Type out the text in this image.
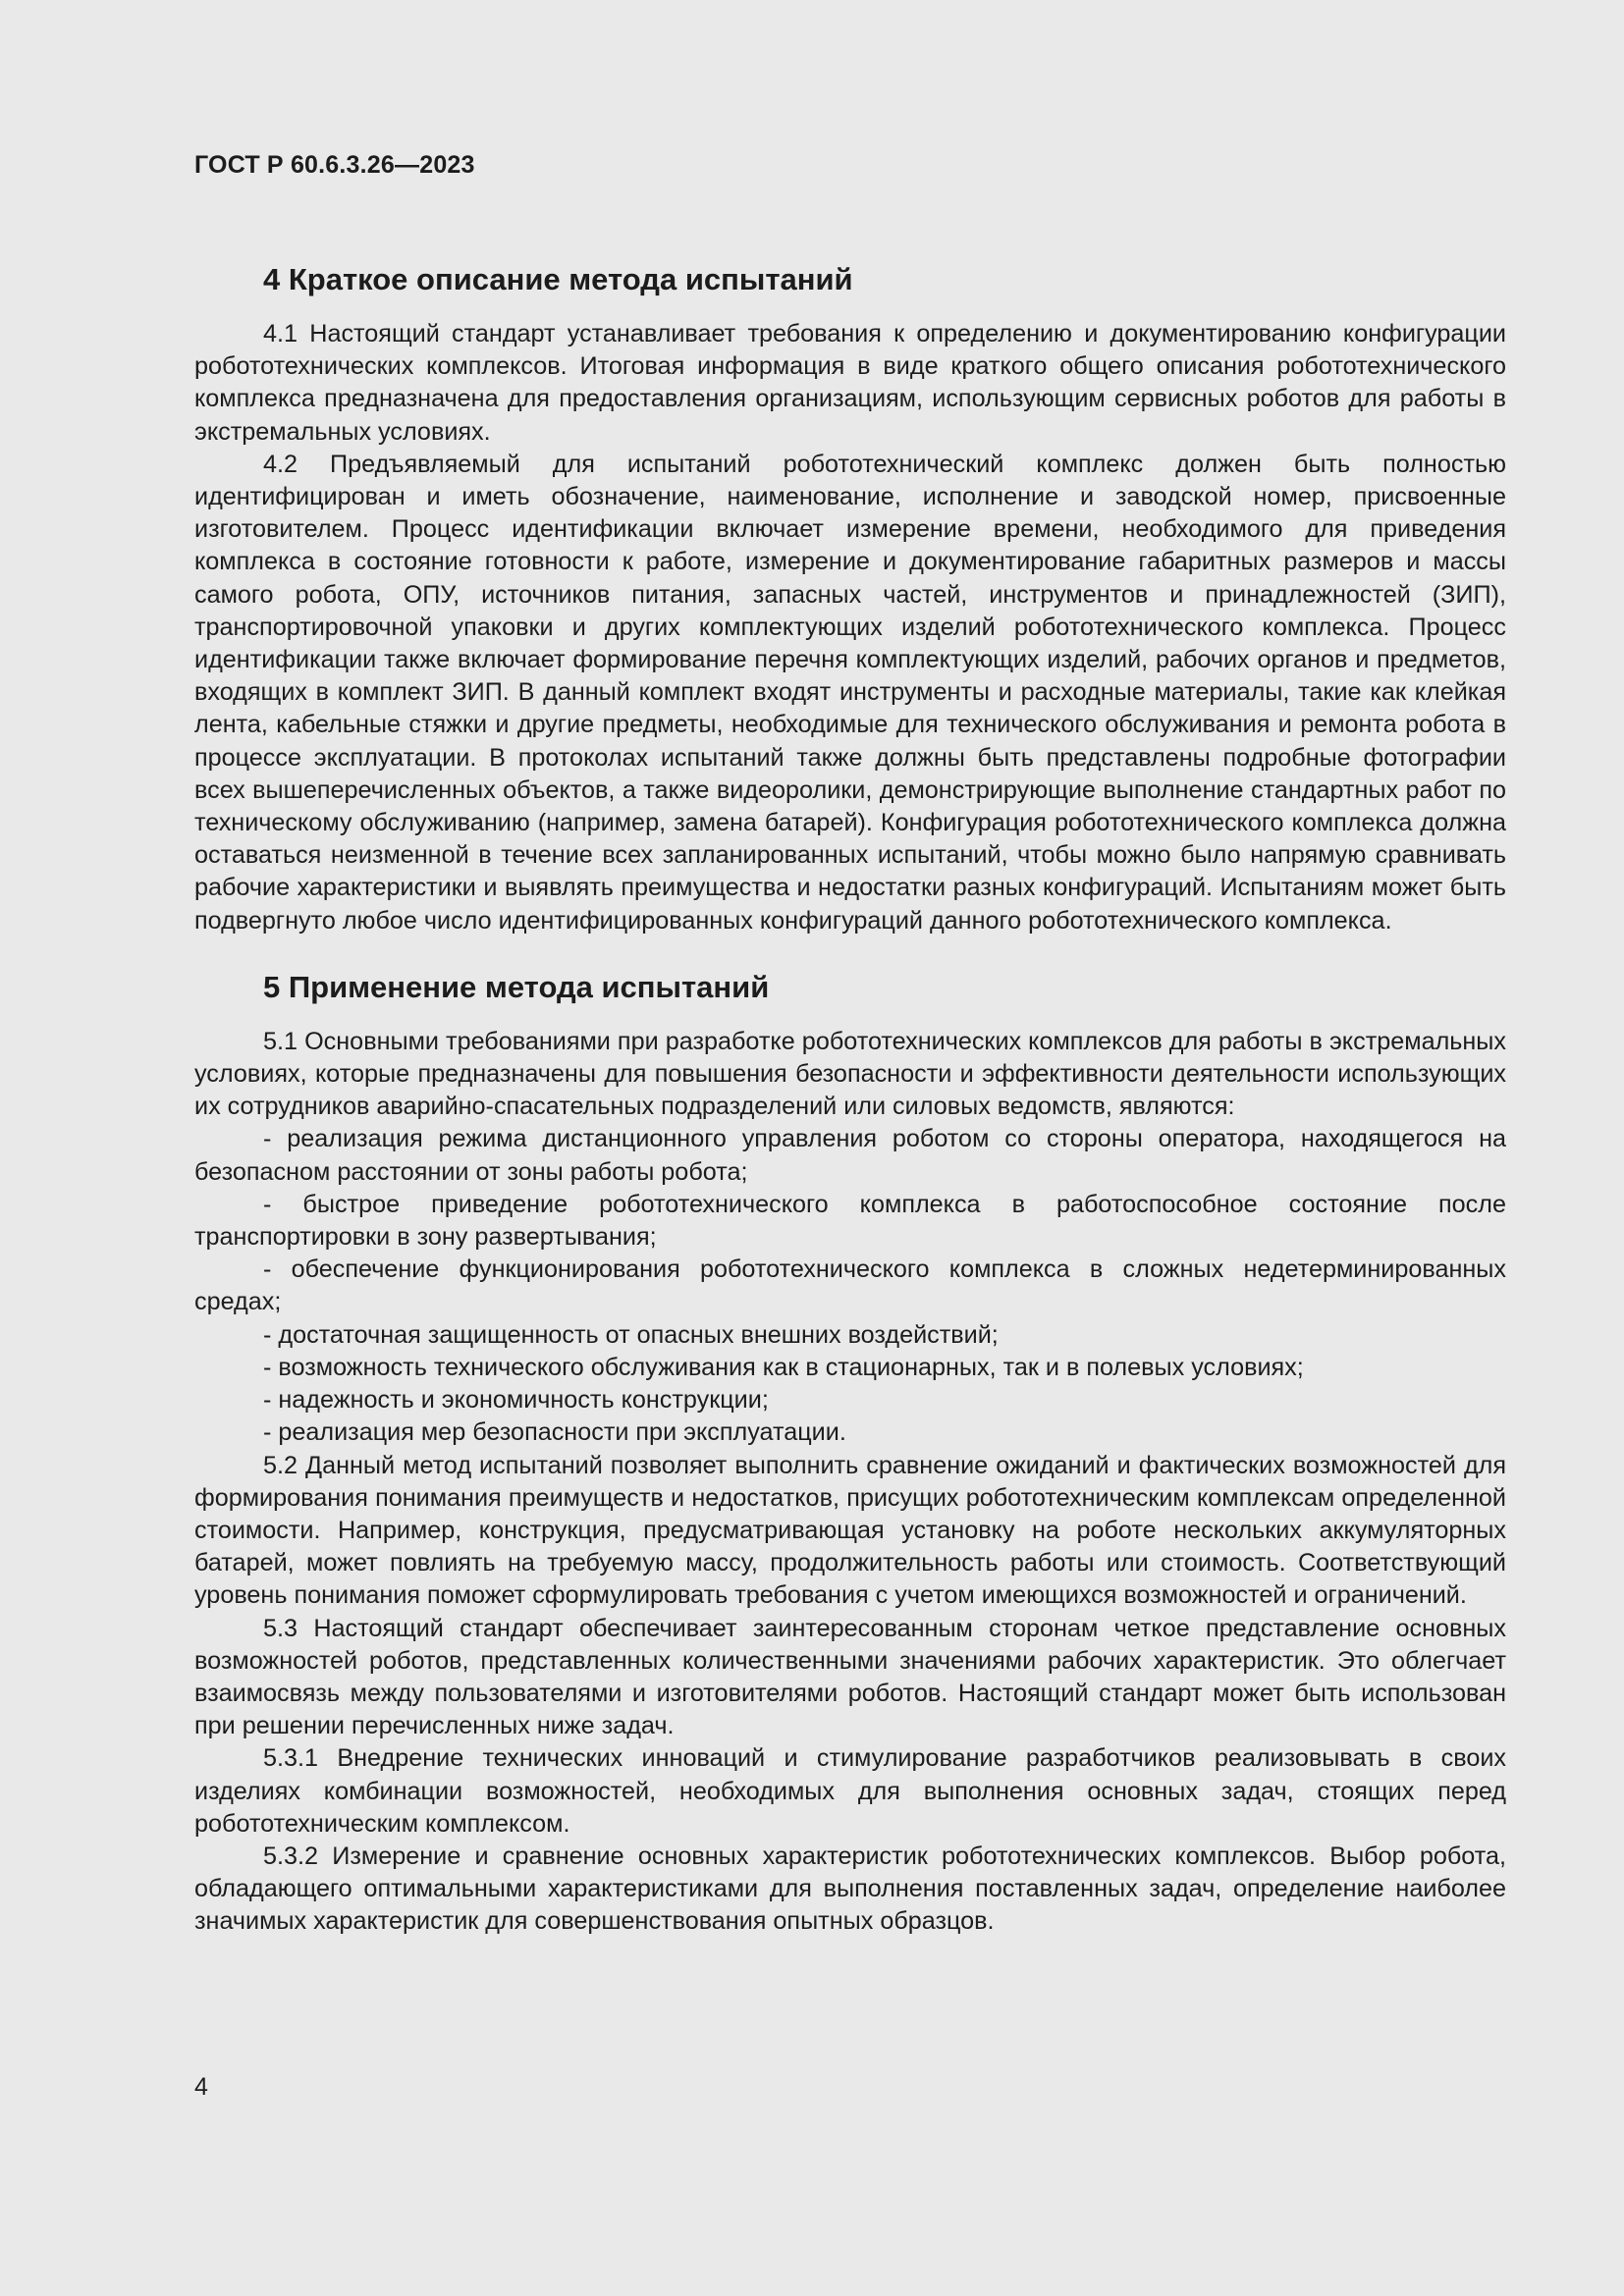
ГОСТ Р 60.6.3.26—2023
4 Краткое описание метода испытаний

4.1 Настоящий стандарт устанавливает требования к определению и документированию конфигурации робототехнических комплексов. Итоговая информация в виде краткого общего описания робототехнического комплекса предназначена для предоставления организациям, использующим сервисных роботов для работы в экстремальных условиях.

4.2 Предъявляемый для испытаний робототехнический комплекс должен быть полностью идентифицирован и иметь обозначение, наименование, исполнение и заводской номер, присвоенные изготовителем. Процесс идентификации включает измерение времени, необходимого для приведения комплекса в состояние готовности к работе, измерение и документирование габаритных размеров и массы самого робота, ОПУ, источников питания, запасных частей, инструментов и принадлежностей (ЗИП), транспортировочной упаковки и других комплектующих изделий робототехнического комплекса. Процесс идентификации также включает формирование перечня комплектующих изделий, рабочих органов и предметов, входящих в комплект ЗИП. В данный комплект входят инструменты и расходные материалы, такие как клейкая лента, кабельные стяжки и другие предметы, необходимые для технического обслуживания и ремонта робота в процессе эксплуатации. В протоколах испытаний также должны быть представлены подробные фотографии всех вышеперечисленных объектов, а также видеоролики, демонстрирующие выполнение стандартных работ по техническому обслуживанию (например, замена батарей). Конфигурация робототехнического комплекса должна оставаться неизменной в течение всех запланированных испытаний, чтобы можно было напрямую сравнивать рабочие характеристики и выявлять преимущества и недостатки разных конфигураций. Испытаниям может быть подвергнуто любое число идентифицированных конфигураций данного робототехнического комплекса.

5 Применение метода испытаний

5.1 Основными требованиями при разработке робототехнических комплексов для работы в экстремальных условиях, которые предназначены для повышения безопасности и эффективности деятельности использующих их сотрудников аварийно-спасательных подразделений или силовых ведомств, являются:

- реализация режима дистанционного управления роботом со стороны оператора, находящегося на безопасном расстоянии от зоны работы робота;

- быстрое приведение робототехнического комплекса в работоспособное состояние после транспортировки в зону развертывания;

- обеспечение функционирования робототехнического комплекса в сложных недетерминированных средах;

- достаточная защищенность от опасных внешних воздействий;

- возможность технического обслуживания как в стационарных, так и в полевых условиях;

- надежность и экономичность конструкции;

- реализация мер безопасности при эксплуатации.

5.2 Данный метод испытаний позволяет выполнить сравнение ожиданий и фактических возможностей для формирования понимания преимуществ и недостатков, присущих робототехническим комплексам определенной стоимости. Например, конструкция, предусматривающая установку на роботе нескольких аккумуляторных батарей, может повлиять на требуемую массу, продолжительность работы или стоимость. Соответствующий уровень понимания поможет сформулировать требования с учетом имеющихся возможностей и ограничений.

5.3 Настоящий стандарт обеспечивает заинтересованным сторонам четкое представление основных возможностей роботов, представленных количественными значениями рабочих характеристик. Это облегчает взаимосвязь между пользователями и изготовителями роботов. Настоящий стандарт может быть использован при решении перечисленных ниже задач.

5.3.1 Внедрение технических инноваций и стимулирование разработчиков реализовывать в своих изделиях комбинации возможностей, необходимых для выполнения основных задач, стоящих перед робототехническим комплексом.

5.3.2 Измерение и сравнение основных характеристик робототехнических комплексов. Выбор робота, обладающего оптимальными характеристиками для выполнения поставленных задач, определение наиболее значимых характеристик для совершенствования опытных образцов.

4
